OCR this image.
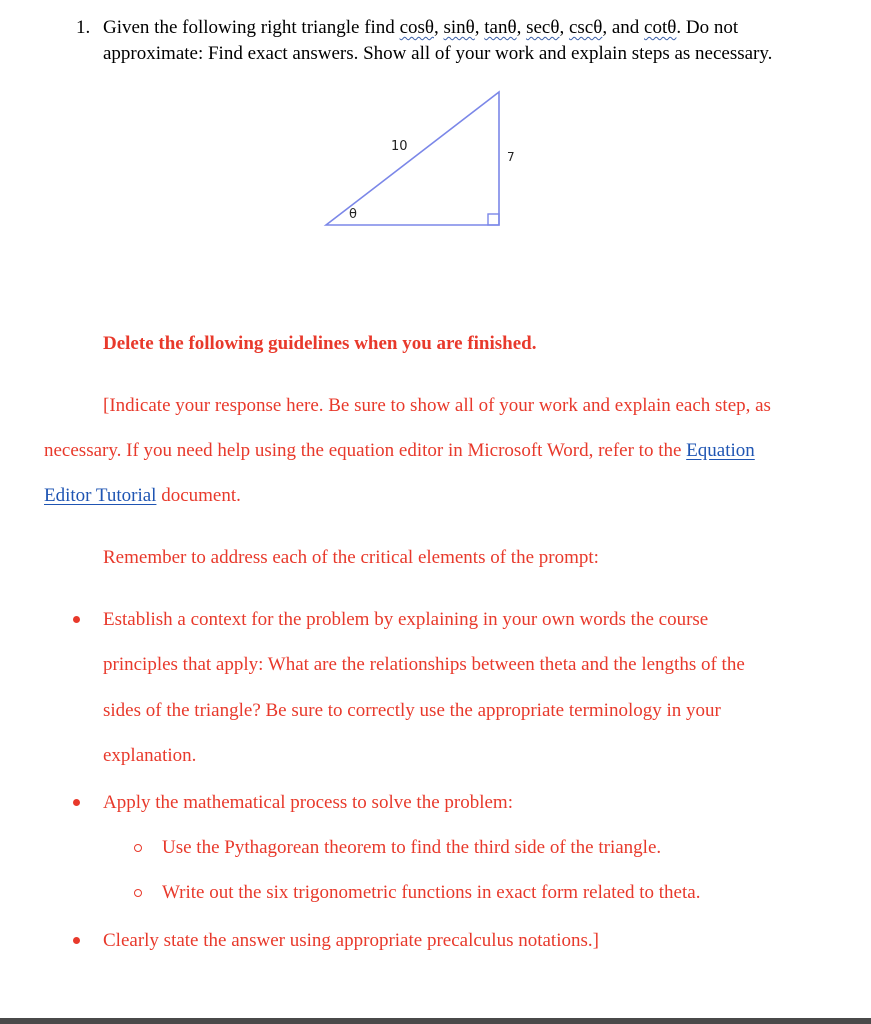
1. Given the following right triangle find cosθ, sinθ, tanθ, secθ, cscθ, and cotθ. Do not
approximate: Find exact answers. Show all of your work and explain steps as necessary.
10
7
θ
Delete the following guidelines when you are finished.
[Indicate your response here. Be sure to show all of your work and explain each step, as
necessary. If you need help using the equation editor in Microsoft Word, refer to the Equation
Editor Tutorial document.
Remember to address each of the critical elements of the prompt:
Establish a context for the problem by explaining in your own words the course
principles that apply: What are the relationships between theta and the lengths of the
sides of the triangle? Be sure to correctly use the appropriate terminology in your
explanation.
Apply the mathematical process to solve the problem:
Use the Pythagorean theorem to find the third side of the triangle.
Write out the six trigonometric functions in exact form related to theta.
Clearly state the answer using appropriate precalculus notations.]
